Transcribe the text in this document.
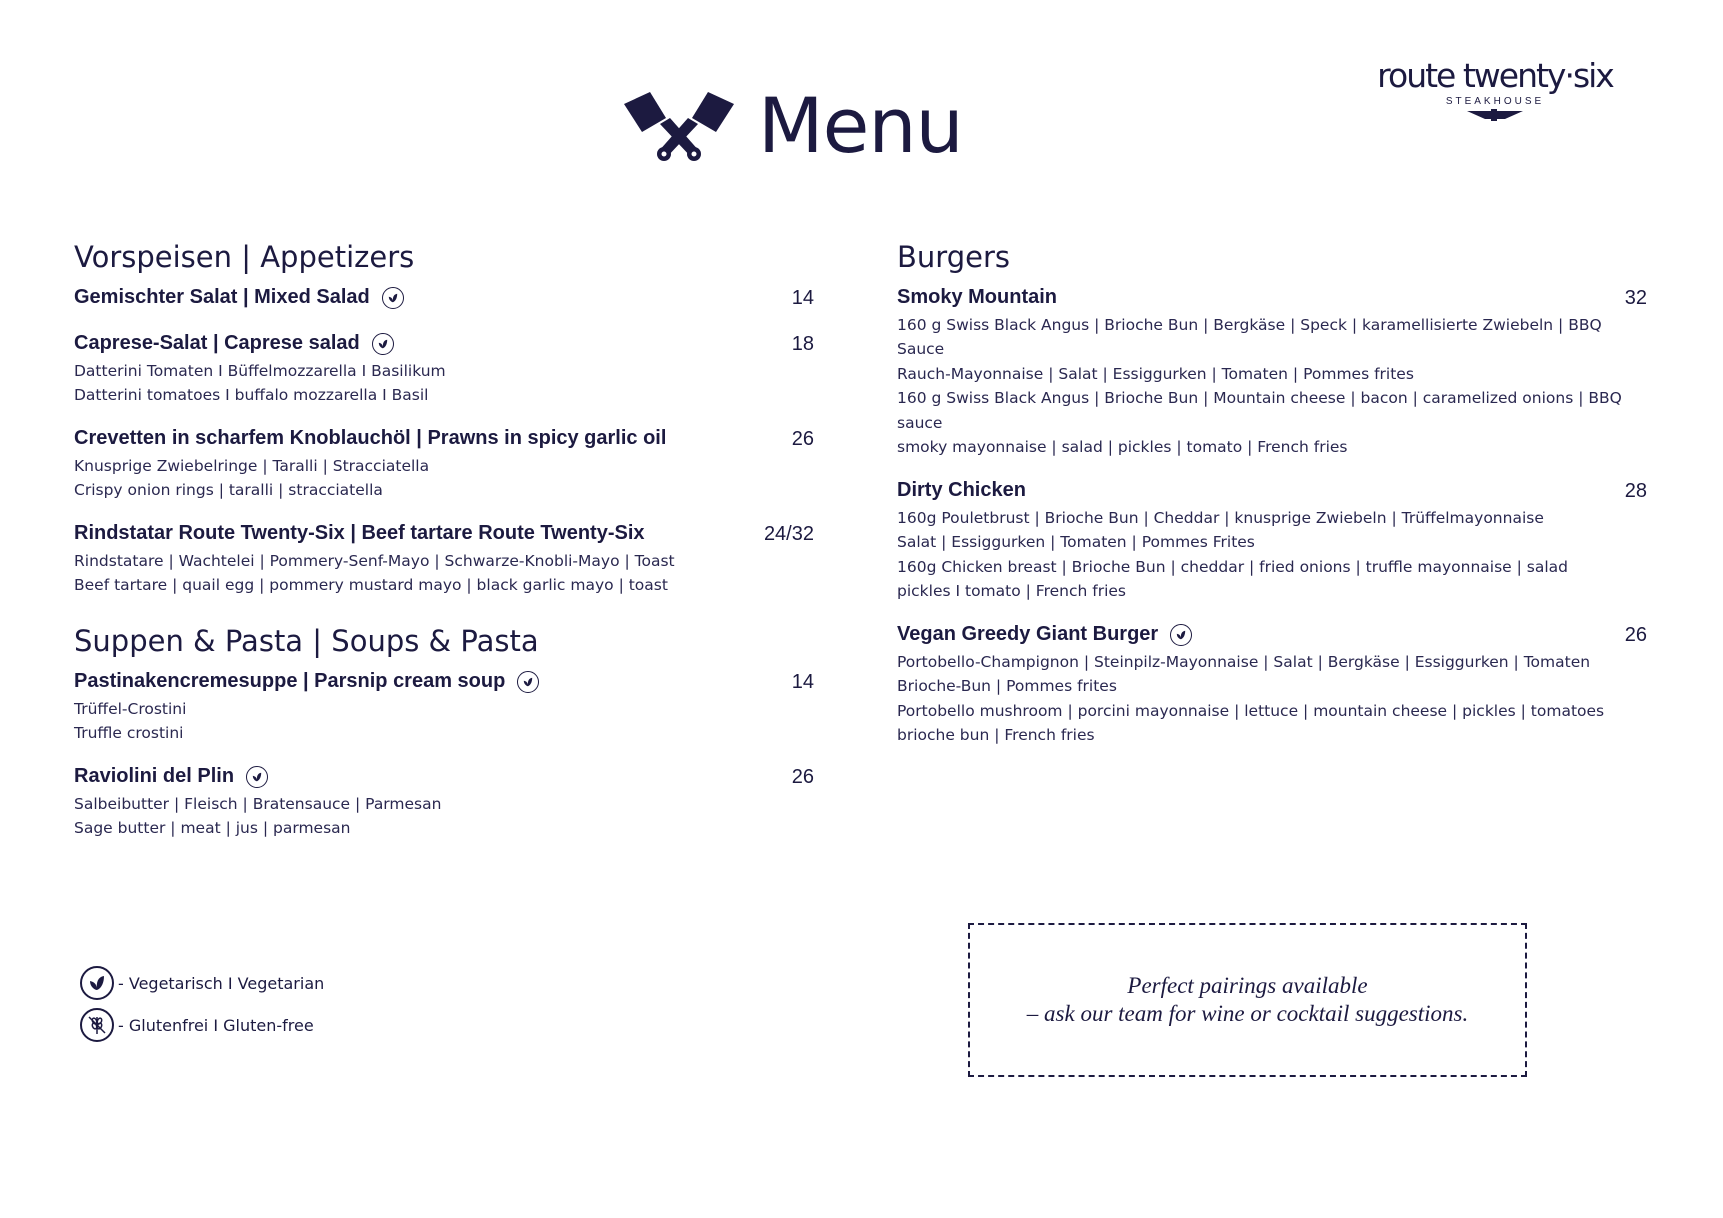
Menu
route twenty·six
STEAKHOUSE
Vorspeisen | Appetizers
Gemischter Salat | Mixed Salad	14
Caprese-Salat | Caprese salad	18
Datterini Tomaten I Büffelmozzarella I Basilikum
Datterini tomatoes I buffalo mozzarella I Basil
Crevetten in scharfem Knoblauchöl | Prawns in spicy garlic oil	26
Knusprige Zwiebelringe | Taralli | Stracciatella
Crispy onion rings | taralli | stracciatella
Rindstatar Route Twenty-Six | Beef tartare Route Twenty-Six	24/32
Rindstatare | Wachtelei | Pommery-Senf-Mayo | Schwarze-Knobli-Mayo | Toast
Beef tartare | quail egg | pommery mustard mayo | black garlic mayo | toast
Suppen & Pasta | Soups & Pasta
Pastinakencremesuppe | Parsnip cream soup	14
Trüffel-Crostini
Truffle crostini
Raviolini del Plin	26
Salbeibutter | Fleisch | Bratensauce | Parmesan
Sage butter | meat | jus | parmesan
Burgers
Smoky Mountain	32
160 g Swiss Black Angus | Brioche Bun | Bergkäse | Speck | karamellisierte Zwiebeln | BBQ Sauce
Rauch-Mayonnaise | Salat | Essiggurken | Tomaten | Pommes frites
160 g Swiss Black Angus | Brioche Bun | Mountain cheese | bacon | caramelized onions | BBQ sauce
smoky mayonnaise | salad | pickles | tomato | French fries
Dirty Chicken	28
160g Pouletbrust | Brioche Bun | Cheddar | knusprige Zwiebeln | Trüffelmayonnaise
Salat | Essiggurken | Tomaten | Pommes Frites
160g Chicken breast | Brioche Bun | cheddar | fried onions | truffle mayonnaise | salad
pickles I tomato | French fries
Vegan Greedy Giant Burger	26
Portobello-Champignon | Steinpilz-Mayonnaise | Salat | Bergkäse | Essiggurken | Tomaten
Brioche-Bun | Pommes frites
Portobello mushroom | porcini mayonnaise | lettuce | mountain cheese | pickles | tomatoes
brioche bun | French fries
- Vegetarisch I Vegetarian
- Glutenfrei I Gluten-free
Perfect pairings available
– ask our team for wine or cocktail suggestions.
